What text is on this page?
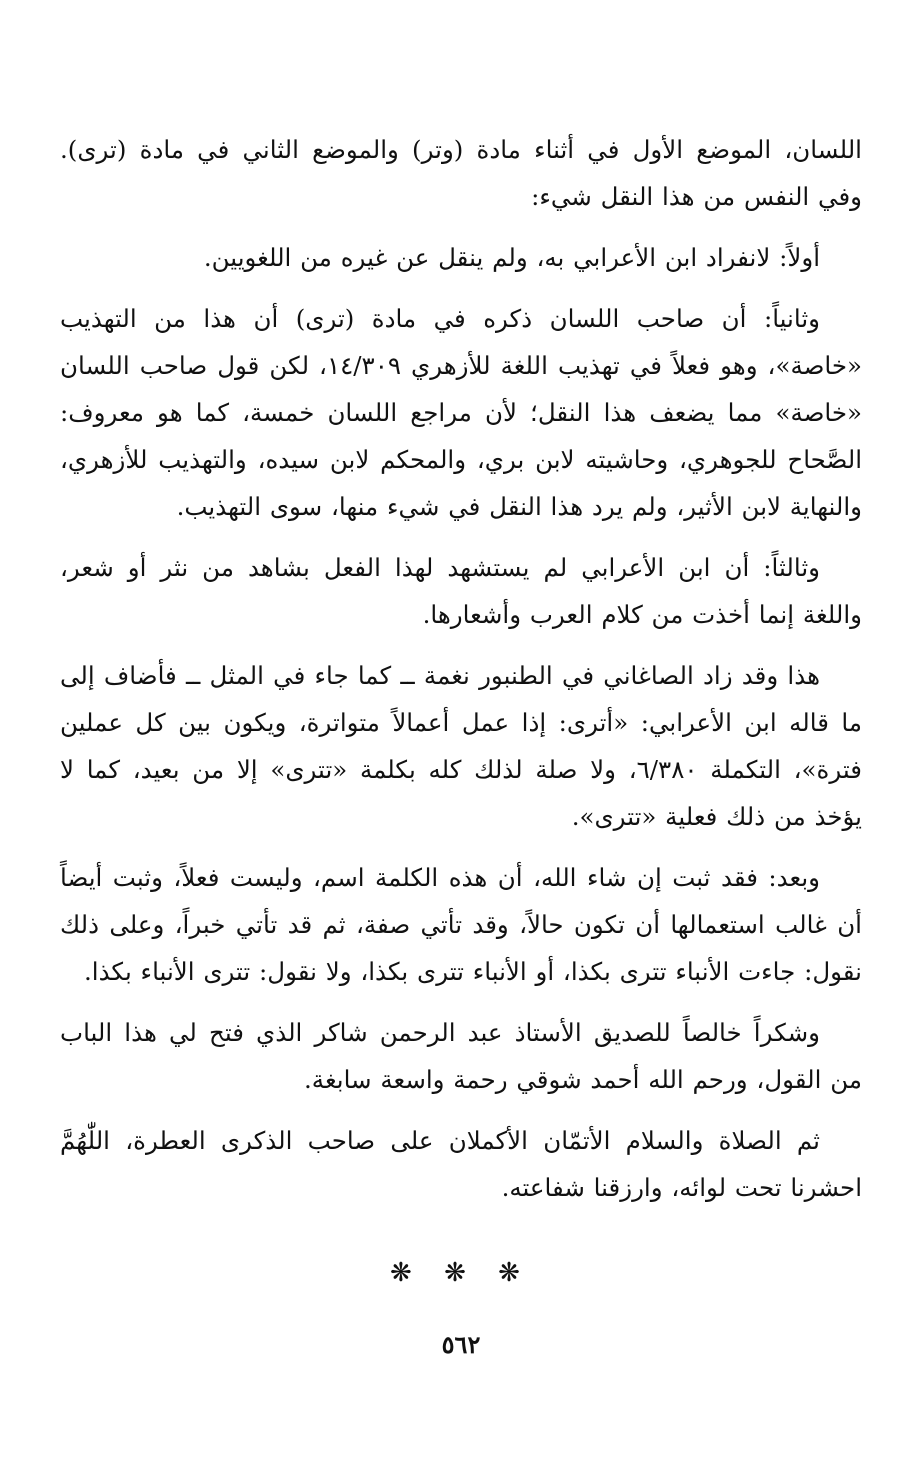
اللسان، الموضع الأول في أثناء مادة (وتر) والموضع الثاني في مادة (ترى). وفي النفس من هذا النقل شيء:

أولاً: لانفراد ابن الأعرابي به، ولم ينقل عن غيره من اللغويين.

وثانياً: أن صاحب اللسان ذكره في مادة (ترى) أن هذا من التهذيب «خاصة»، وهو فعلاً في تهذيب اللغة للأزهري ١٤/٣٠٩، لكن قول صاحب اللسان «خاصة» مما يضعف هذا النقل؛ لأن مراجع اللسان خمسة، كما هو معروف: الصَّحاح للجوهري، وحاشيته لابن بري، والمحكم لابن سيده، والتهذيب للأزهري، والنهاية لابن الأثير، ولم يرد هذا النقل في شيء منها، سوى التهذيب.

وثالثاً: أن ابن الأعرابي لم يستشهد لهذا الفعل بشاهد من نثر أو شعر، واللغة إنما أخذت من كلام العرب وأشعارها.

هذا وقد زاد الصاغاني في الطنبور نغمة ــ كما جاء في المثل ــ فأضاف إلى ما قاله ابن الأعرابي: «أترى: إذا عمل أعمالاً متواترة، ويكون بين كل عملين فترة»، التكملة ٦/٣٨٠، ولا صلة لذلك كله بكلمة «تترى» إلا من بعيد، كما لا يؤخذ من ذلك فعلية «تترى».

وبعد: فقد ثبت إن شاء الله، أن هذه الكلمة اسم، وليست فعلاً، وثبت أيضاً أن غالب استعمالها أن تكون حالاً، وقد تأتي صفة، ثم قد تأتي خبراً، وعلى ذلك نقول: جاءت الأنباء تترى بكذا، أو الأنباء تترى بكذا، ولا نقول: تترى الأنباء بكذا.

وشكراً خالصاً للصديق الأستاذ عبد الرحمن شاكر الذي فتح لي هذا الباب من القول، ورحم الله أحمد شوقي رحمة واسعة سابغة.

ثم الصلاة والسلام الأتمّان الأكملان على صاحب الذكرى العطرة، اللّٰهُمَّ احشرنا تحت لوائه، وارزقنا شفاعته.

❋ ❋ ❋
٥٦٢
